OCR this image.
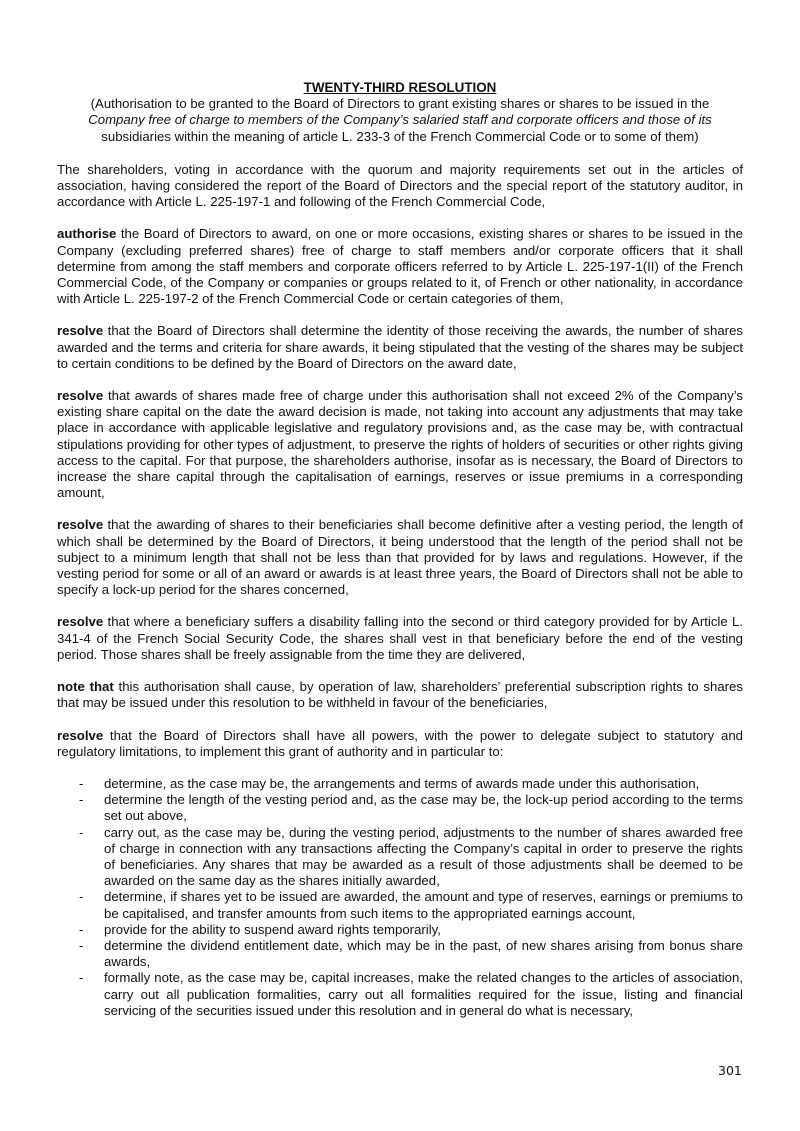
TWENTY-THIRD RESOLUTION

(Authorisation to be granted to the Board of Directors to grant existing shares or shares to be issued in the
Company free of charge to members of the Company’s salaried staff and corporate officers and those of its
subsidiaries within the meaning of article L. 233-3 of the French Commercial Code or to some of them)

The shareholders, voting in accordance with the quorum and majority requirements set out in the articles of association, having considered the report of the Board of Directors and the special report of the statutory auditor, in accordance with Article L. 225-197-1 and following of the French Commercial Code,

authorise the Board of Directors to award, on one or more occasions, existing shares or shares to be issued in the Company (excluding preferred shares) free of charge to staff members and/or corporate officers that it shall determine from among the staff members and corporate officers referred to by Article L. 225-197-1(II) of the French Commercial Code, of the Company or companies or groups related to it, of French or other nationality, in accordance with Article L. 225-197-2 of the French Commercial Code or certain categories of them,

resolve that the Board of Directors shall determine the identity of those receiving the awards, the number of shares awarded and the terms and criteria for share awards, it being stipulated that the vesting of the shares may be subject to certain conditions to be defined by the Board of Directors on the award date,

resolve that awards of shares made free of charge under this authorisation shall not exceed 2% of the Company’s existing share capital on the date the award decision is made, not taking into account any adjustments that may take place in accordance with applicable legislative and regulatory provisions and, as the case may be, with contractual stipulations providing for other types of adjustment, to preserve the rights of holders of securities or other rights giving access to the capital. For that purpose, the shareholders authorise, insofar as is necessary, the Board of Directors to increase the share capital through the capitalisation of earnings, reserves or issue premiums in a corresponding amount,

resolve that the awarding of shares to their beneficiaries shall become definitive after a vesting period, the length of which shall be determined by the Board of Directors, it being understood that the length of the period shall not be subject to a minimum length that shall not be less than that provided for by laws and regulations. However, if the vesting period for some or all of an award or awards is at least three years, the Board of Directors shall not be able to specify a lock-up period for the shares concerned,

resolve that where a beneficiary suffers a disability falling into the second or third category provided for by Article L. 341-4 of the French Social Security Code, the shares shall vest in that beneficiary before the end of the vesting period. Those shares shall be freely assignable from the time they are delivered,

note that this authorisation shall cause, by operation of law, shareholders’ preferential subscription rights to shares that may be issued under this resolution to be withheld in favour of the beneficiaries,

resolve that the Board of Directors shall have all powers, with the power to delegate subject to statutory and regulatory limitations, to implement this grant of authority and in particular to:

- determine, as the case may be, the arrangements and terms of awards made under this authorisation,
- determine the length of the vesting period and, as the case may be, the lock-up period according to the terms set out above,
- carry out, as the case may be, during the vesting period, adjustments to the number of shares awarded free of charge in connection with any transactions affecting the Company’s capital in order to preserve the rights of beneficiaries. Any shares that may be awarded as a result of those adjustments shall be deemed to be awarded on the same day as the shares initially awarded,
- determine, if shares yet to be issued are awarded, the amount and type of reserves, earnings or premiums to be capitalised, and transfer amounts from such items to the appropriated earnings account,
- provide for the ability to suspend award rights temporarily,
- determine the dividend entitlement date, which may be in the past, of new shares arising from bonus share awards,
- formally note, as the case may be, capital increases, make the related changes to the articles of association, carry out all publication formalities, carry out all formalities required for the issue, listing and financial servicing of the securities issued under this resolution and in general do what is necessary,
301
